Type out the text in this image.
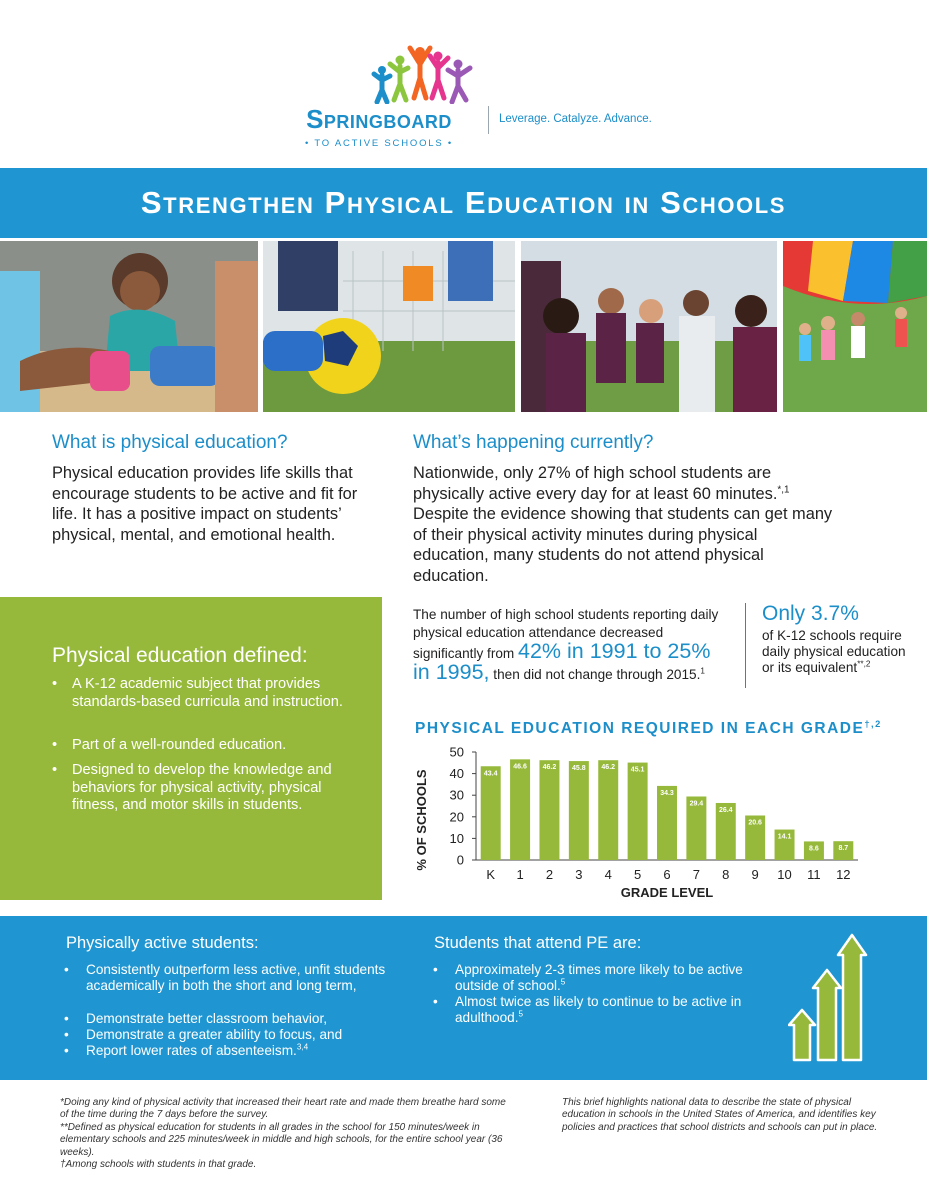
Springboard
• TO ACTIVE SCHOOLS •
Leverage. Catalyze. Advance.
Strengthen Physical Education in Schools
What is physical education?
Physical education provides life skills that encourage students to be active and fit for life. It has a positive impact on students’ physical, mental, and emotional health.
What’s happening currently?
Nationwide, only 27% of high school students are physically active every day for at least 60 minutes.$^{*,1}$ Despite the evidence showing that students can get many of their physical activity minutes during physical education, many students do not attend physical education.
Physical education defined:
•	A K-12 academic subject that provides standards-based curricula and instruction.
•	Part of a well-rounded education.
•	Designed to develop the knowledge and behaviors for physical activity, physical fitness, and motor skills in students.
The number of high school students reporting daily physical education attendance decreased significantly from 42% in 1991 to 25% in 1995, then did not change through 2015.$^1$
Only 3.7%
of K-12 schools require daily physical education or its equivalent$^{**,2}$
PHYSICAL EDUCATION REQUIRED IN EACH $GRADE^{\dagger,2}$
% OF SCHOOLS 0
10
20
30
40
50
43.4
46.6 46.2 45.8 46.2 45.1
34.3
29.4
26.4
20.6
14.1
8.6	8.7
K 1 2 3 4 5 6 7 8 9 10 11 12
GRADE LEVEL
Physically active students:
•	Consistently outperform less active, unfit students academically in both the short and long term,
•	Demonstrate better classroom behavior,
•	Demonstrate a greater ability to focus, and
•	Report lower rates of absenteeism.$^{3,4}$
Students that attend PE are:
•	Approximately 2-3 times more likely to be active outside of school.$^5$
•	Almost twice as likely to continue to be active in adulthood.$^5$
*Doing any kind of physical activity that increased their heart rate and made them breathe hard some of the time during the 7 days before the survey.
**Defined as physical education for students in all grades in the school for 150 minutes/week in elementary schools and 225 minutes/week in middle and high schools, for the entire school year (36 weeks).
†Among schools with students in that grade.
This brief highlights national data to describe the state of physical education in schools in the United States of America, and identifies key policies and practices that school districts and schools can put in place.
